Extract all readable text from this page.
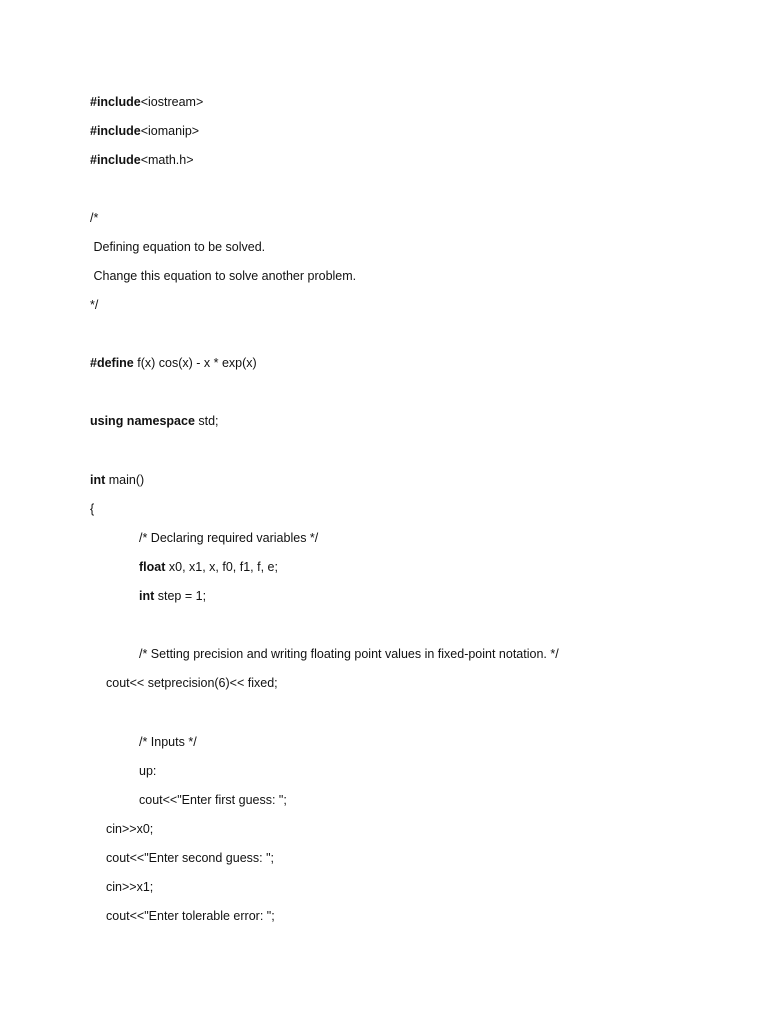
#include<iostream>
#include<iomanip>
#include<math.h>
/*
Defining equation to be solved.
Change this equation to solve another problem.
*/
#define f(x) cos(x) - x * exp(x)
using namespace std;
int main()
{
/* Declaring required variables */
float x0, x1, x, f0, f1, f, e;
int step = 1;
/* Setting precision and writing floating point values in fixed-point notation. */
cout<< setprecision(6)<< fixed;
/* Inputs */
up:
cout<<"Enter first guess: ";
cin>>x0;
cout<<"Enter second guess: ";
cin>>x1;
cout<<"Enter tolerable error: ";
